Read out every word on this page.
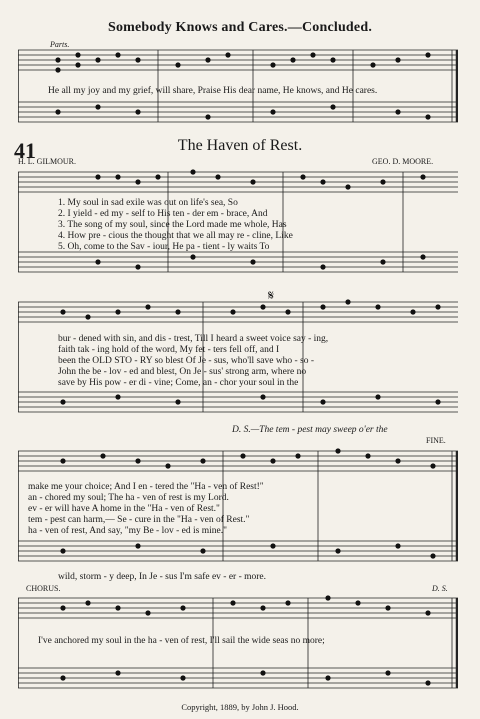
Somebody Knows and Cares.—Concluded.
Parts.
He all my joy and my grief, will share, Praise His dear name, He knows, and He cares.
41	The Haven of Rest.
H. L. GILMOUR.	GEO. D. MOORE.
1. My soul in sad exile was out on life's sea, So
2. I yield - ed my - self to His ten - der em - brace, And
3. The song of my soul, since the Lord made me whole, Has
4. How pre - cious the thought that we all may re - cline, Like
5. Oh, come to the Sav - iour, He pa - tient - ly waits To
𝄋
bur - dened with sin, and dis - trest, Till I heard a sweet voice say - ing,
faith tak - ing hold of the word, My fet - ters fell off, and I
been the OLD STO - RY so blest Of Je - sus, who'll save who - so -
John the be - lov - ed and blest, On Je - sus' strong arm, where no
save by His pow - er di - vine; Come, an - chor your soul in the
D. S.—The tem - pest may sweep o'er the
FINE.
make me your choice; And I en - tered the "Ha - ven of Rest!"
an - chored my soul; The ha - ven of rest is my Lord.
ev - er will have A home in the "Ha - ven of Rest."
tem - pest can harm,— Se - cure in the "Ha - ven of Rest."
ha - ven of rest, And say, "my Be - lov - ed is mine."
wild, storm - y deep, In Je - sus I'm safe ev - er - more.
CHORUS.	D. S.
I've anchored my soul in the ha - ven of rest, I'll sail the wide seas no more;
Copyright, 1889, by John J. Hood.
